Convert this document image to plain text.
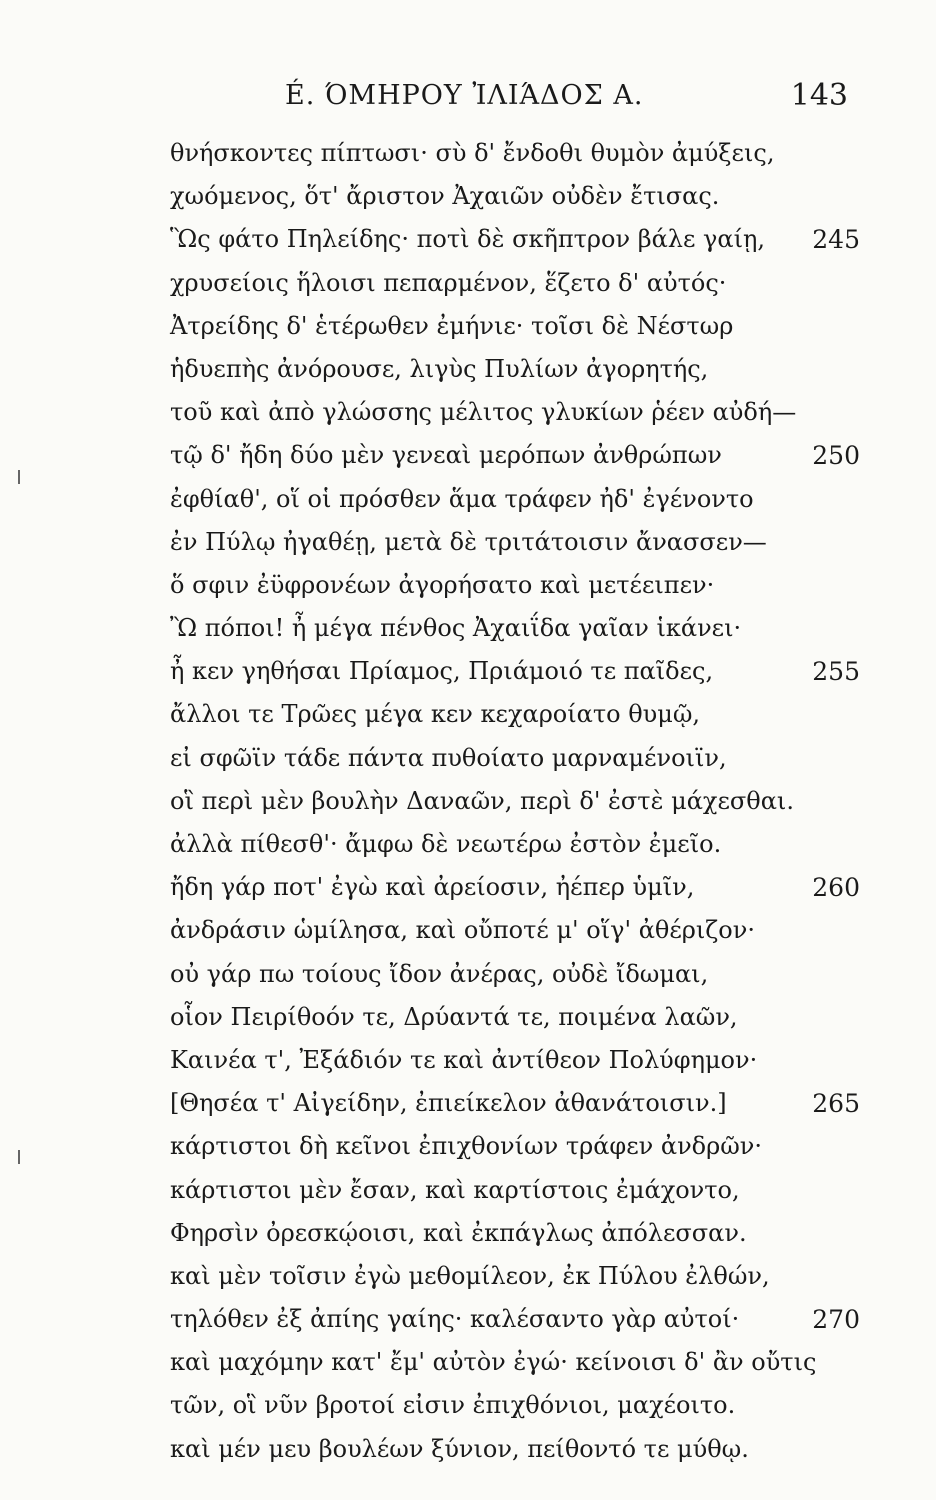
É. ΌΜΗΡΟΥ ἸΛΙΆΔΟΣ Α.	143
θνήσκοντες πίπτωσι· σὺ δ' ἔνδοθι θυμὸν ἀμύξεις,
χωόμενος, ὅτ' ἄριστον Ἀχαιῶν οὐδὲν ἔτισας.
Ὣς φάτο Πηλείδης· ποτὶ δὲ σκῆπτρον βάλε γαίῃ, 245
χρυσείοις ἥλοισι πεπαρμένον, ἕζετο δ' αὐτός·
Ἀτρείδης δ' ἑτέρωθεν ἐμήνιε· τοῖσι δὲ Νέστωρ
ἡδυεπὴς ἀνόρουσε, λιγὺς Πυλίων ἀγορητής,
τοῦ καὶ ἀπὸ γλώσσης μέλιτος γλυκίων ῥέεν αὐδή—
τῷ δ' ἤδη δύο μὲν γενεαὶ μερόπων ἀνθρώπων	250
ἐφθίαθ', οἵ οἱ πρόσθεν ἅμα τράφεν ἠδ' ἐγένοντο
ἐν Πύλῳ ἠγαθέῃ, μετὰ δὲ τριτάτοισιν ἄνασσεν—
ὅ σφιν ἐϋφρονέων ἀγορήσατο καὶ μετέειπεν·
Ὢ πόποι! ἦ μέγα πένθος Ἀχαιΐδα γαῖαν ἱκάνει·
ἦ κεν γηθήσαι Πρίαμος, Πριάμοιό τε παῖδες,	255
ἄλλοι τε Τρῶες μέγα κεν κεχαροίατο θυμῷ,
εἰ σφῶϊν τάδε πάντα πυθοίατο μαρναμένοιϊν,
οἳ περὶ μὲν βουλὴν Δαναῶν, περὶ δ' ἐστὲ μάχεσθαι.
ἀλλὰ πίθεσθ'· ἄμφω δὲ νεωτέρω ἐστὸν ἐμεῖο.
ἤδη γάρ ποτ' ἐγὼ καὶ ἀρείοσιν, ἠέπερ ὑμῖν,	260
ἀνδράσιν ὡμίλησα, καὶ οὔποτέ μ' οἵγ' ἀθέριζον·
οὐ γάρ πω τοίους ἴδον ἀνέρας, οὐδὲ ἴδωμαι,
οἷον Πειρίθοόν τε, Δρύαντά τε, ποιμένα λαῶν,
Καινέα τ', Ἐξάδιόν τε καὶ ἀντίθεον Πολύφημον·
[Θησέα τ' Αἰγείδην, ἐπιείκελον ἀθανάτοισιν.]	265
κάρτιστοι δὴ κεῖνοι ἐπιχθονίων τράφεν ἀνδρῶν·
κάρτιστοι μὲν ἔσαν, καὶ καρτίστοις ἐμάχοντο,
Φηρσὶν ὀρεσκῴοισι, καὶ ἐκπάγλως ἀπόλεσσαν.
καὶ μὲν τοῖσιν ἐγὼ μεθομίλεον, ἐκ Πύλου ἐλθών,
τηλόθεν ἐξ ἀπίης γαίης· καλέσαντο γὰρ αὐτοί·	270
καὶ μαχόμην κατ' ἔμ' αὐτὸν ἐγώ· κείνοισι δ' ἂν οὔτις
τῶν, οἳ νῦν βροτοί εἰσιν ἐπιχθόνιοι, μαχέοιτο.
καὶ μέν μευ βουλέων ξύνιον, πείθοντό τε μύθῳ.
